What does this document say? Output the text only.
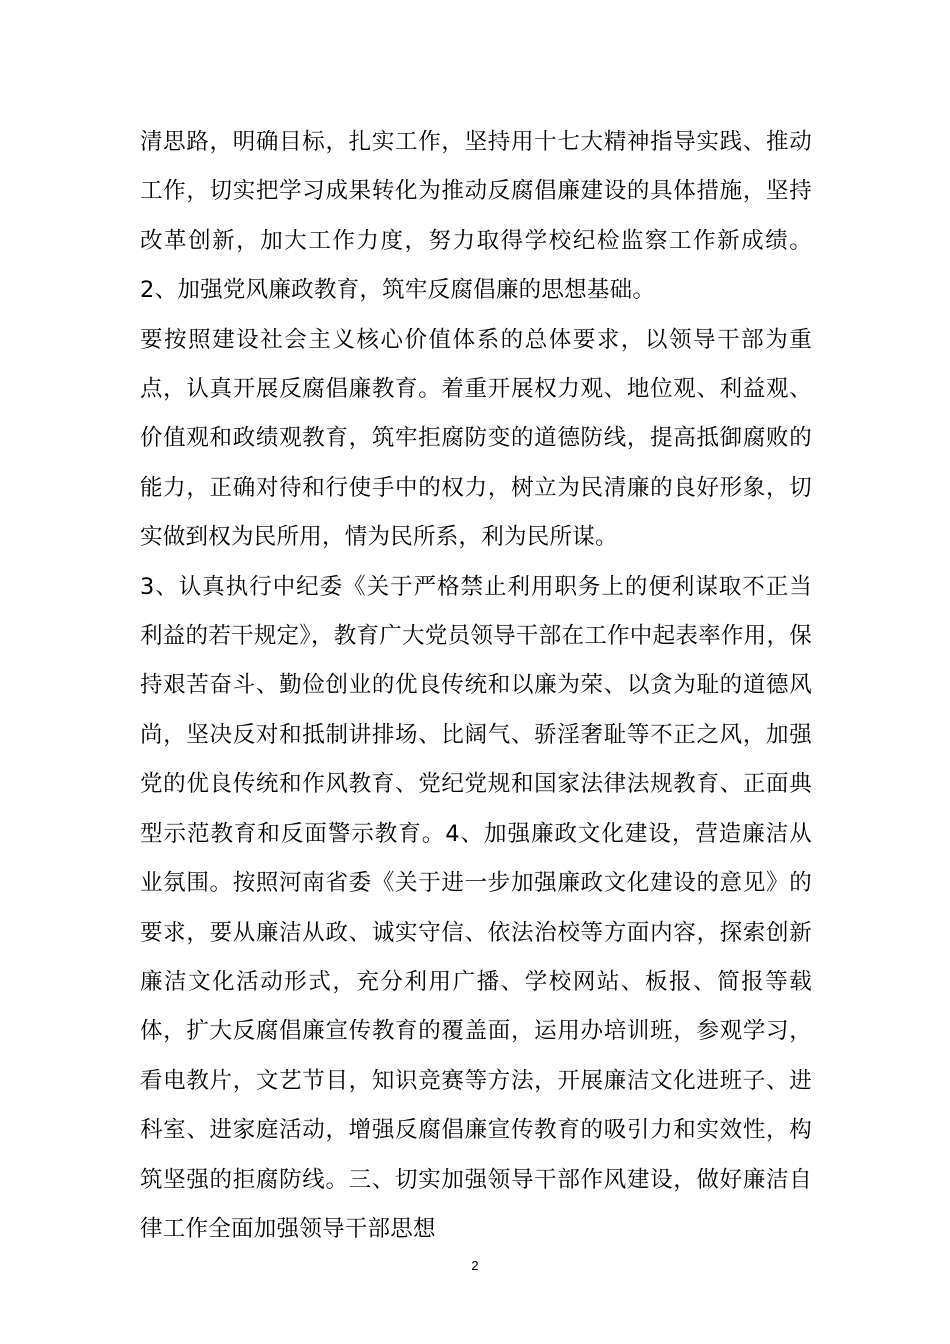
清思路，明确目标，扎实工作，坚持用十七大精神指导实践、推动工作，切实把学习成果转化为推动反腐倡廉建设的具体措施，坚持改革创新，加大工作力度，努力取得学校纪检监察工作新成绩。2、加强党风廉政教育，筑牢反腐倡廉的思想基础。

要按照建设社会主义核心价值体系的总体要求，以领导干部为重点，认真开展反腐倡廉教育。着重开展权力观、地位观、利益观、价值观和政绩观教育，筑牢拒腐防变的道德防线，提高抵御腐败的能力，正确对待和行使手中的权力，树立为民清廉的良好形象，切实做到权为民所用，情为民所系，利为民所谋。

3、认真执行中纪委《关于严格禁止利用职务上的便利谋取不正当利益的若干规定》，教育广大党员领导干部在工作中起表率作用，保持艰苦奋斗、勤俭创业的优良传统和以廉为荣、以贪为耻的道德风尚，坚决反对和抵制讲排场、比阔气、骄淫奢耻等不正之风，加强党的优良传统和作风教育、党纪党规和国家法律法规教育、正面典型示范教育和反面警示教育。4、加强廉政文化建设，营造廉洁从业氛围。按照河南省委《关于进一步加强廉政文化建设的意见》的要求，要从廉洁从政、诚实守信、依法治校等方面内容，探索创新廉洁文化活动形式，充分利用广播、学校网站、板报、简报等载体，扩大反腐倡廉宣传教育的覆盖面，运用办培训班，参观学习，看电教片，文艺节目，知识竞赛等方法，开展廉洁文化进班子、进科室、进家庭活动，增强反腐倡廉宣传教育的吸引力和实效性，构筑坚强的拒腐防线。三、切实加强领导干部作风建设，做好廉洁自律工作全面加强领导干部思想

2
